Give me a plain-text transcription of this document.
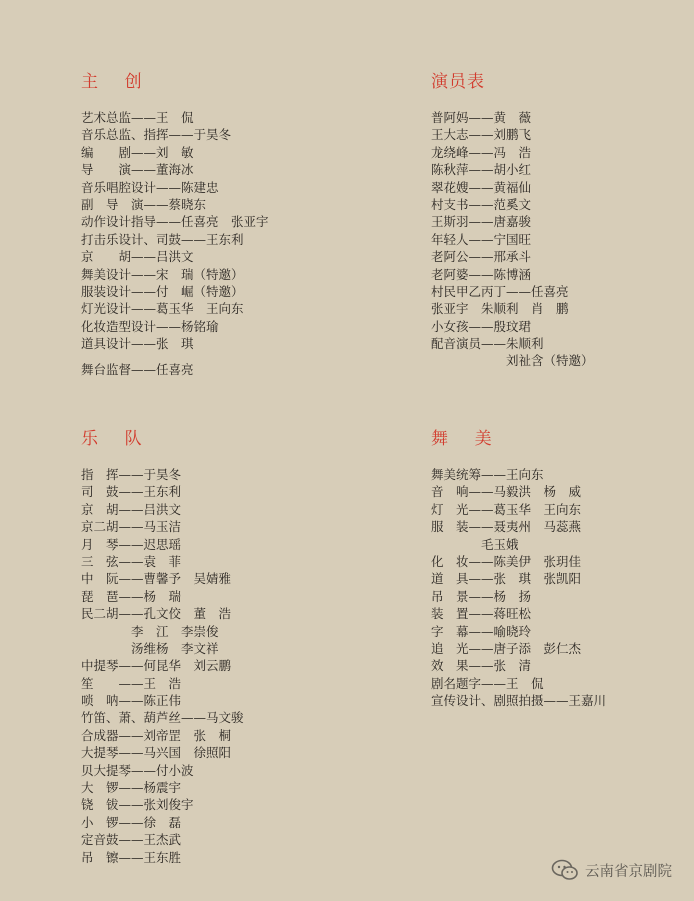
主    创
艺术总监——王　侃
音乐总监、指挥——于昊冬
编　　剧——刘　敏
导　　演——董海冰
音乐唱腔设计——陈建忠
副　导　演——蔡晓东
动作设计指导——任喜亮　张亚宇
打击乐设计、司鼓——王东利
京　　胡——吕洪文
舞美设计——宋　瑞（特邀）
服装设计——付　崛（特邀）
灯光设计——葛玉华　王向东
化妆造型设计——杨铭瑜
道具设计——张　琪
舞台监督——任喜亮
演员表
普阿妈——黄　薇
王大志——刘鹏飞
龙绕峰——冯　浩
陈秋萍——胡小红
翠花嫂——黄福仙
村支书——范奚文
王斯羽——唐嘉骏
年轻人——宁国旺
老阿公——邢承斗
老阿婆——陈博涵
村民甲乙丙丁——任喜亮
张亚宇　朱顺利　肖　鹏
小女孩——殷玟珺
配音演员——朱顺利
　　　　　　刘祉含（特邀）
乐    队
指　挥——于昊冬
司　鼓——王东利
京　胡——吕洪文
京二胡——马玉洁
月　琴——迟思瑶
三　弦——袁　菲
中　阮——曹馨予　吴婧雅
琵　琶——杨　瑞
民二胡——孔文佼　董　浩
　　　　李　江　李崇俊
　　　　汤维杨　李文祥
中提琴——何昆华　刘云鹏
笙　　——王　浩
唢　呐——陈正伟
竹笛、萧、葫芦丝——马文骏
合成器——刘帝罡　张　桐
大提琴——马兴国　徐照阳
贝大提琴——付小波
大　锣——杨震宇
铙　钹——张刘俊宇
小　锣——徐　磊
定音鼓——王杰武
吊　镲——王东胜
舞    美
舞美统筹——王向东
音　响——马毅洪　杨　威
灯　光——葛玉华　王向东
服　装——聂夷州　马蕊燕
　　　　毛玉娥
化　妆——陈美伊　张玥佳
道　具——张　琪　张凯阳
吊　景——杨　扬
装　置——蒋旺松
字　幕——喻晓玲
追　光——唐子添　彭仁杰
效　果——张　清
剧名题字——王　侃
宣传设计、剧照拍摄——王嘉川
云南省京剧院
